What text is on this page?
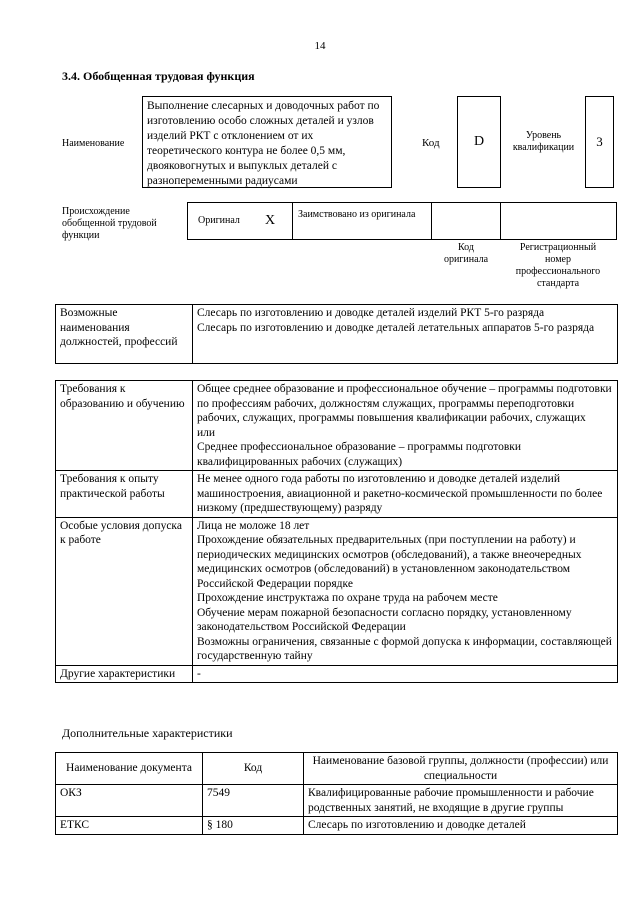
14
3.4. Обобщенная трудовая функция
Наименование
Выполнение слесарных и доводочных работ по изготовлению особо сложных деталей и узлов изделий РКТ с отклонением от их теоретического контура не более 0,5 мм, двояковогнутых и выпуклых деталей с разнопеременными радиусами
Код D	Уровень квалификации	3
Происхождение обобщенной трудовой функции
Оригинал X Заимствовано из оригинала
Код оригинала
Регистрационный номер профессионального стандарта
Возможные наименования должностей, профессий	

Слесарь по изготовлению и доводке деталей изделий РКТ 5-го разряда

Слесарь по изготовлению и доводке деталей летательных аппаратов 5-го разряда

Требования к образованию и обучению	Общее среднее образование и профессиональное обучение – программы подготовки по профессиям рабочих, должностям служащих, программы переподготовки рабочих, служащих, программы повышения квалификации рабочих, служащих

или

Среднее профессиональное образование – программы подготовки квалифицированных рабочих (служащих)

Требования к опыту практической работы	Не менее одного года работы по изготовлению и доводке деталей изделий машиностроения, авиационной и ракетно-космической промышленности по более низкому (предшествующему) разряду

Особые условия допуска к работе	Лица не моложе 18 лет

Прохождение обязательных предварительных (при поступлении на работу) и периодических медицинских осмотров (обследований), а также внеочередных медицинских осмотров (обследований) в установленном законодательством Российской Федерации порядке

Прохождение инструктажа по охране труда на рабочем месте

Обучение мерам пожарной безопасности согласно порядку, установленному законодательством Российской Федерации

Возможны ограничения, связанные с формой допуска к информации, составляющей государственную тайну

Другие характеристики	-

Дополнительные характеристики
Наименование документа	Код	Наименование базовой группы, должности (профессии) или специальности
ОКЗ	7549	Квалифицированные рабочие промышленности и рабочие родственных занятий, не входящие в другие группы
ЕТКС	§ 180	Слесарь по изготовлению и доводке деталей
